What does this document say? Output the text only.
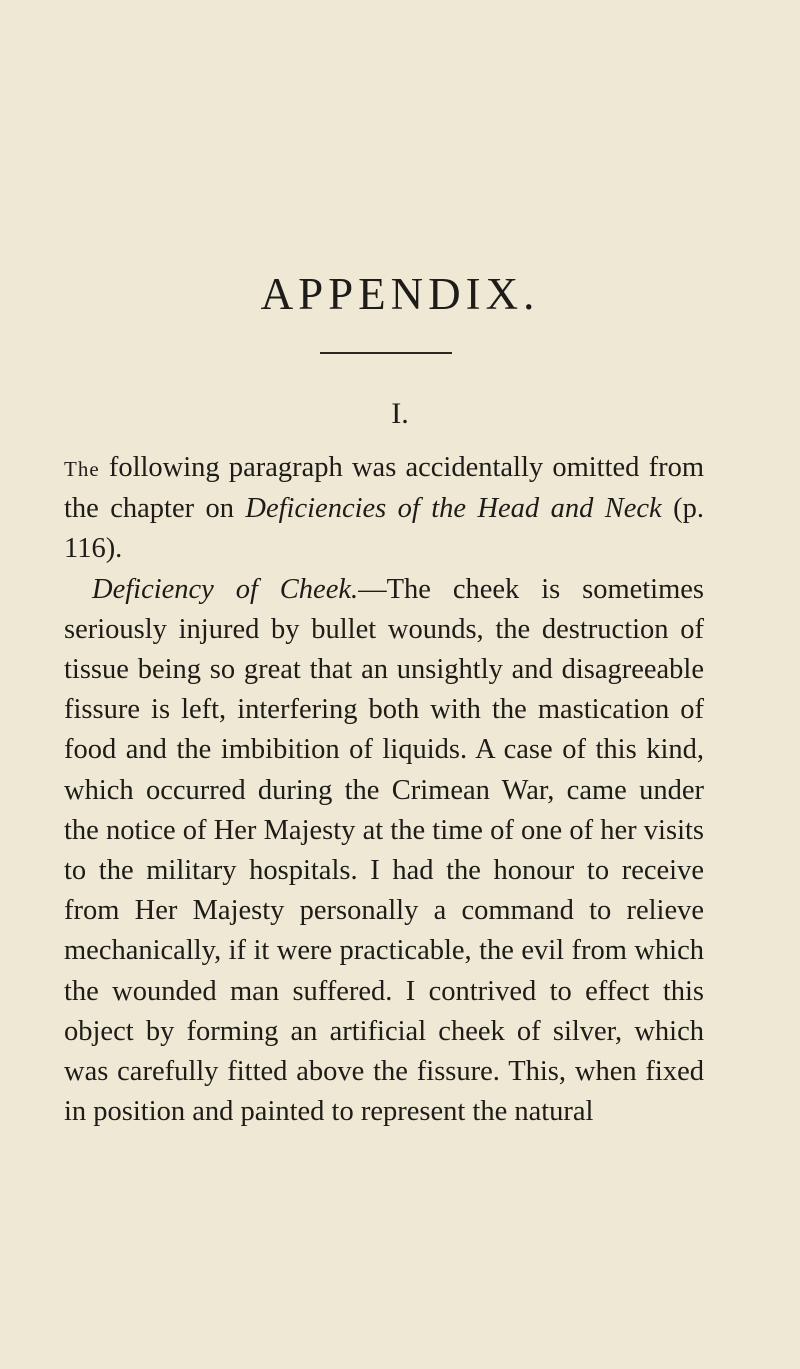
APPENDIX.
I.

The following paragraph was accidentally omitted from the chapter on Deficiencies of the Head and Neck (p. 116).

Deficiency of Cheek.—The cheek is sometimes seriously injured by bullet wounds, the destruction of tissue being so great that an unsightly and disagreeable fissure is left, interfering both with the mastication of food and the imbibition of liquids. A case of this kind, which occurred during the Crimean War, came under the notice of Her Majesty at the time of one of her visits to the military hospitals. I had the honour to receive from Her Majesty personally a command to relieve mechanically, if it were practicable, the evil from which the wounded man suffered. I contrived to effect this object by forming an artificial cheek of silver, which was carefully fitted above the fissure. This, when fixed in position and painted to represent the natural
